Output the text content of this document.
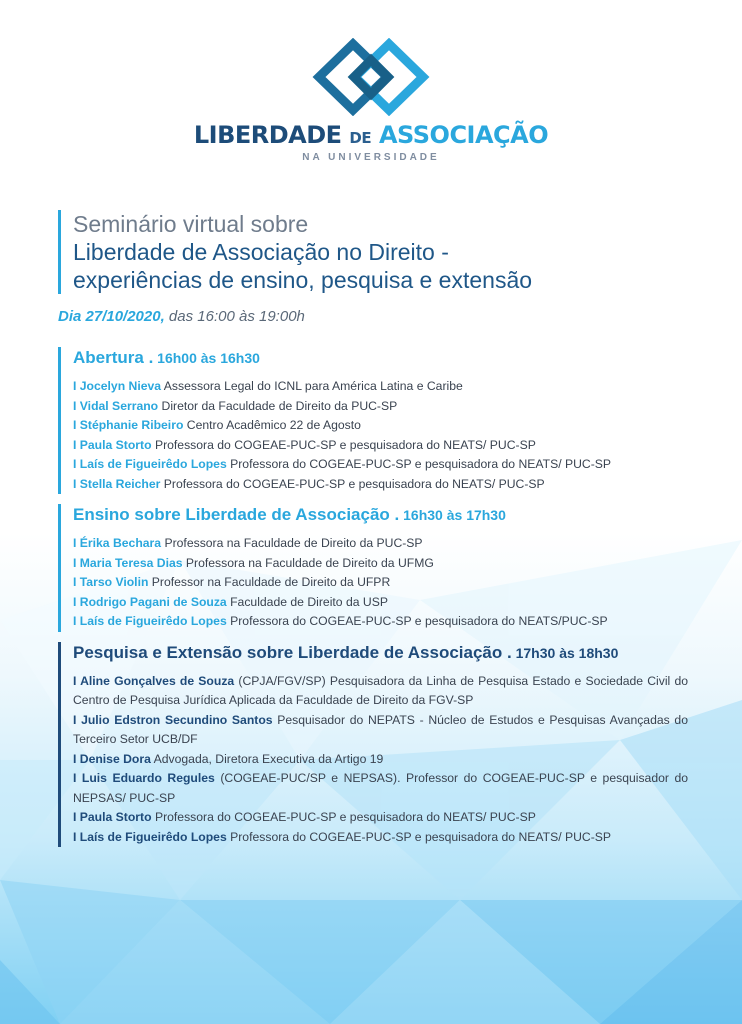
LIBERDADE DE ASSOCIAÇÃO
NA UNIVERSIDADE
Seminário virtual sobre
Liberdade de Associação no Direito -
experiências de ensino, pesquisa e extensão
Dia 27/10/2020, das 16:00 às 19:00h
Abertura . 16h00 às 16h30
I Jocelyn Nieva Assessora Legal do ICNL para América Latina e Caribe
I Vidal Serrano Diretor da Faculdade de Direito da PUC-SP
I Stéphanie Ribeiro Centro Acadêmico 22 de Agosto
I Paula Storto Professora do COGEAE-PUC-SP e pesquisadora do NEATS/ PUC-SP
I Laís de Figueirêdo Lopes Professora do COGEAE-PUC-SP e pesquisadora do NEATS/ PUC-SP
I Stella Reicher Professora do COGEAE-PUC-SP e pesquisadora do NEATS/ PUC-SP
Ensino sobre Liberdade de Associação . 16h30 às 17h30
I Érika Bechara Professora na Faculdade de Direito da PUC-SP
I Maria Teresa Dias Professora na Faculdade de Direito da UFMG
I Tarso Violin Professor na Faculdade de Direito da UFPR
I Rodrigo Pagani de Souza Faculdade de Direito da USP
I Laís de Figueirêdo Lopes Professora do COGEAE-PUC-SP e pesquisadora do NEATS/PUC-SP
Pesquisa e Extensão sobre Liberdade de Associação . 17h30 às 18h30
I Aline Gonçalves de Souza (CPJA/FGV/SP) Pesquisadora da Linha de Pesquisa Estado e Sociedade Civil do Centro de Pesquisa Jurídica Aplicada da Faculdade de Direito da FGV-SP
I Julio Edstron Secundino Santos Pesquisador do NEPATS - Núcleo de Estudos e Pesquisas Avançadas do Terceiro Setor UCB/DF
I Denise Dora Advogada, Diretora Executiva da Artigo 19
I Luis Eduardo Regules (COGEAE-PUC/SP e NEPSAS). Professor do COGEAE-PUC-SP e pesquisador do NEPSAS/ PUC-SP
I Paula Storto Professora do COGEAE-PUC-SP e pesquisadora do NEATS/ PUC-SP
I Laís de Figueirêdo Lopes Professora do COGEAE-PUC-SP e pesquisadora do NEATS/ PUC-SP
